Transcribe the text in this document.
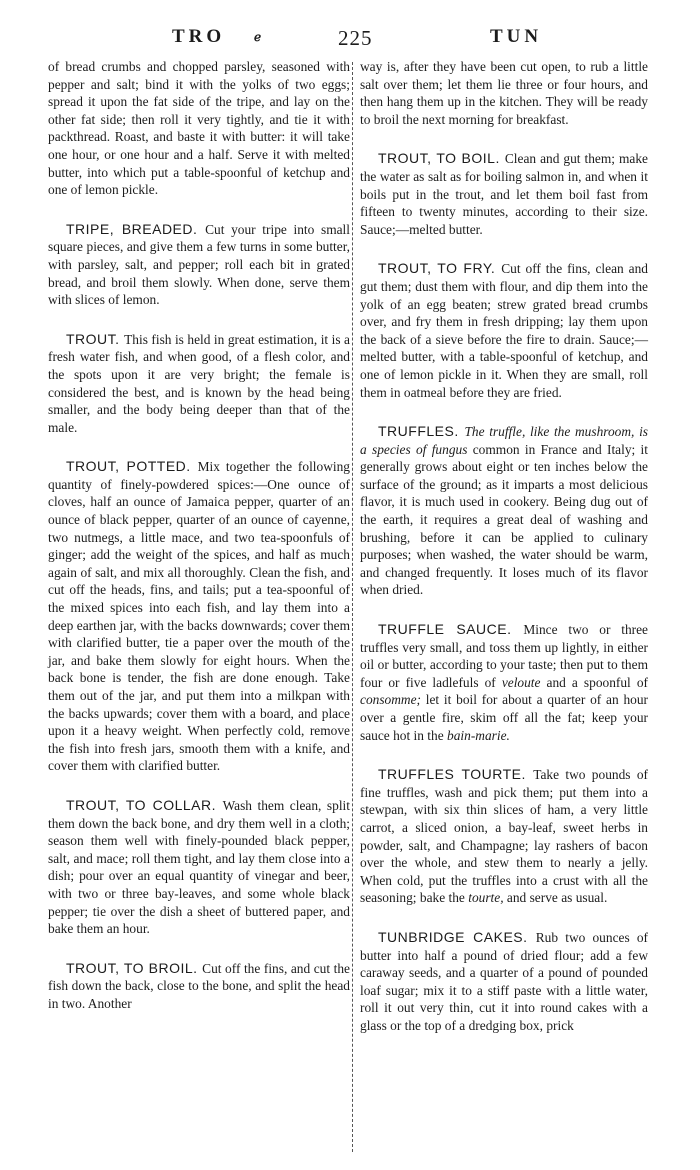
TRO ℯ	225	TUN

of bread crumbs and chopped parsley, seasoned with pepper and salt; bind it with the yolks of two eggs; spread it upon the fat side of the tripe, and lay on the other fat side; then roll it very tightly, and tie it with packthread. Roast, and baste it with butter: it will take one hour, or one hour and a half. Serve it with melted butter, into which put a table-spoonful of ketchup and one of lemon pickle.

TRIPE, BREADED. Cut your tripe into small square pieces, and give them a few turns in some butter, with parsley, salt, and pepper; roll each bit in grated bread, and broil them slowly. When done, serve them with slices of lemon.

TROUT. This fish is held in great estimation, it is a fresh water fish, and when good, of a flesh color, and the spots upon it are very bright; the female is considered the best, and is known by the head being smaller, and the body being deeper than that of the male.

TROUT, POTTED. Mix together the following quantity of finely-powdered spices:—One ounce of cloves, half an ounce of Jamaica pepper, quarter of an ounce of black pepper, quarter of an ounce of cayenne, two nutmegs, a little mace, and two tea-spoonfuls of ginger; add the weight of the spices, and half as much again of salt, and mix all thoroughly. Clean the fish, and cut off the heads, fins, and tails; put a tea-spoonful of the mixed spices into each fish, and lay them into a deep earthen jar, with the backs downwards; cover them with clarified butter, tie a paper over the mouth of the jar, and bake them slowly for eight hours. When the back bone is tender, the fish are done enough. Take them out of the jar, and put them into a milkpan with the backs upwards; cover them with a board, and place upon it a heavy weight. When perfectly cold, remove the fish into fresh jars, smooth them with a knife, and cover them with clarified butter.

TROUT, TO COLLAR. Wash them clean, split them down the back bone, and dry them well in a cloth; season them well with finely-pounded black pepper, salt, and mace; roll them tight, and lay them close into a dish; pour over an equal quantity of vinegar and beer, with two or three bay-leaves, and some whole black pepper; tie over the dish a sheet of buttered paper, and bake them an hour.

TROUT, TO BROIL. Cut off the fins, and cut the fish down the back, close to the bone, and split the head in two. Another

way is, after they have been cut open, to rub a little salt over them; let them lie three or four hours, and then hang them up in the kitchen. They will be ready to broil the next morning for breakfast.

TROUT, TO BOIL. Clean and gut them; make the water as salt as for boiling salmon in, and when it boils put in the trout, and let them boil fast from fifteen to twenty minutes, according to their size. Sauce;—melted butter.

TROUT, TO FRY. Cut off the fins, clean and gut them; dust them with flour, and dip them into the yolk of an egg beaten; strew grated bread crumbs over, and fry them in fresh dripping; lay them upon the back of a sieve before the fire to drain. Sauce;—melted butter, with a table-spoonful of ketchup, and one of lemon pickle in it. When they are small, roll them in oatmeal before they are fried.

TRUFFLES. The truffle, like the mushroom, is a species of fungus common in France and Italy; it generally grows about eight or ten inches below the surface of the ground; as it imparts a most delicious flavor, it is much used in cookery. Being dug out of the earth, it requires a great deal of washing and brushing, before it can be applied to culinary purposes; when washed, the water should be warm, and changed frequently. It loses much of its flavor when dried.

TRUFFLE SAUCE. Mince two or three truffles very small, and toss them up lightly, in either oil or butter, according to your taste; then put to them four or five ladlefuls of veloute and a spoonful of consomme; let it boil for about a quarter of an hour over a gentle fire, skim off all the fat; keep your sauce hot in the bain-marie.

TRUFFLES TOURTE. Take two pounds of fine truffles, wash and pick them; put them into a stewpan, with six thin slices of ham, a very little carrot, a sliced onion, a bay-leaf, sweet herbs in powder, salt, and Champagne; lay rashers of bacon over the whole, and stew them to nearly a jelly. When cold, put the truffles into a crust with all the seasoning; bake the tourte, and serve as usual.

TUNBRIDGE CAKES. Rub two ounces of butter into half a pound of dried flour; add a few caraway seeds, and a quarter of a pound of pounded loaf sugar; mix it to a stiff paste with a little water, roll it out very thin, cut it into round cakes with a glass or the top of a dredging box, prick
